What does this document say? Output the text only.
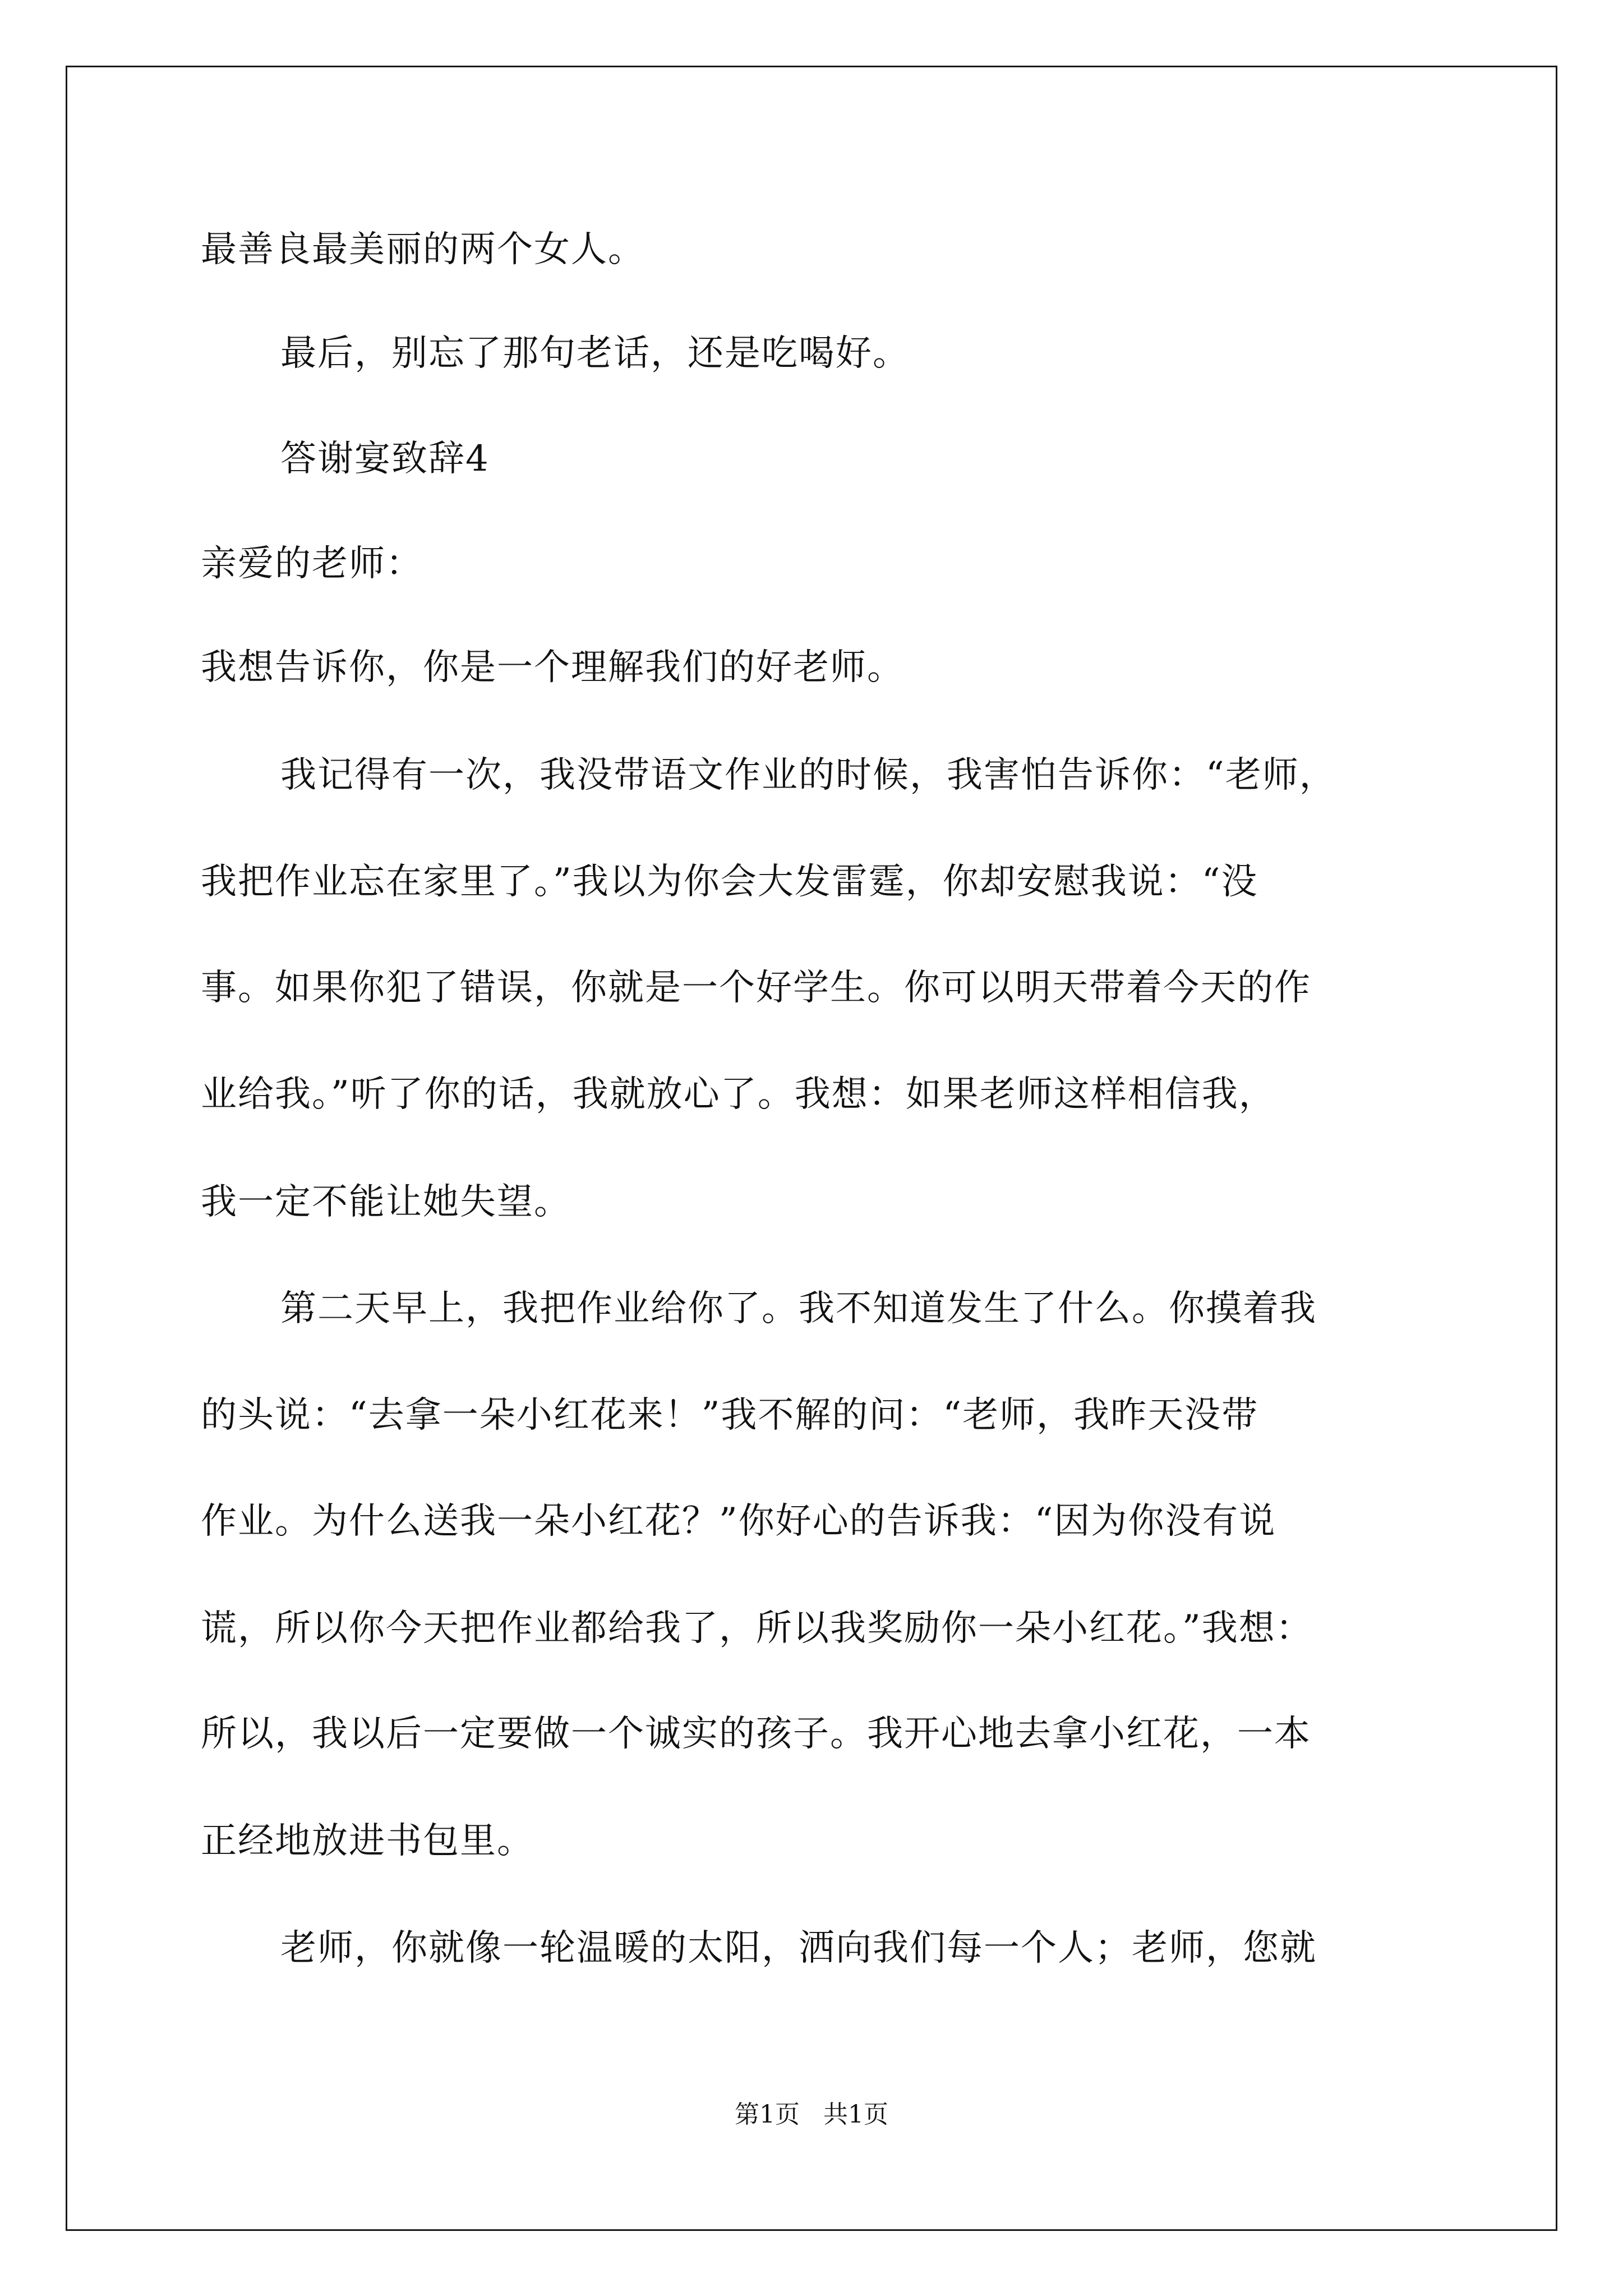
最善良最美丽的两个女人。
最后，别忘了那句老话，还是吃喝好。
答谢宴致辞4
亲爱的老师：
我想告诉你，你是一个理解我们的好老师。
我记得有一次，我没带语文作业的时候，我害怕告诉你：“老师，
我把作业忘在家里了。”我以为你会大发雷霆，你却安慰我说：“没
事。如果你犯了错误，你就是一个好学生。你可以明天带着今天的作
业给我。”听了你的话，我就放心了。我想：如果老师这样相信我，
我一定不能让她失望。
第二天早上，我把作业给你了。我不知道发生了什么。你摸着我
的头说：“去拿一朵小红花来！”我不解的问：“老师，我昨天没带
作业。为什么送我一朵小红花？”你好心的告诉我：“因为你没有说
谎，所以你今天把作业都给我了，所以我奖励你一朵小红花。”我想：
所以，我以后一定要做一个诚实的孩子。我开心地去拿小红花，一本
正经地放进书包里。
老师，你就像一轮温暖的太阳，洒向我们每一个人；老师，您就
第1页   共1页
